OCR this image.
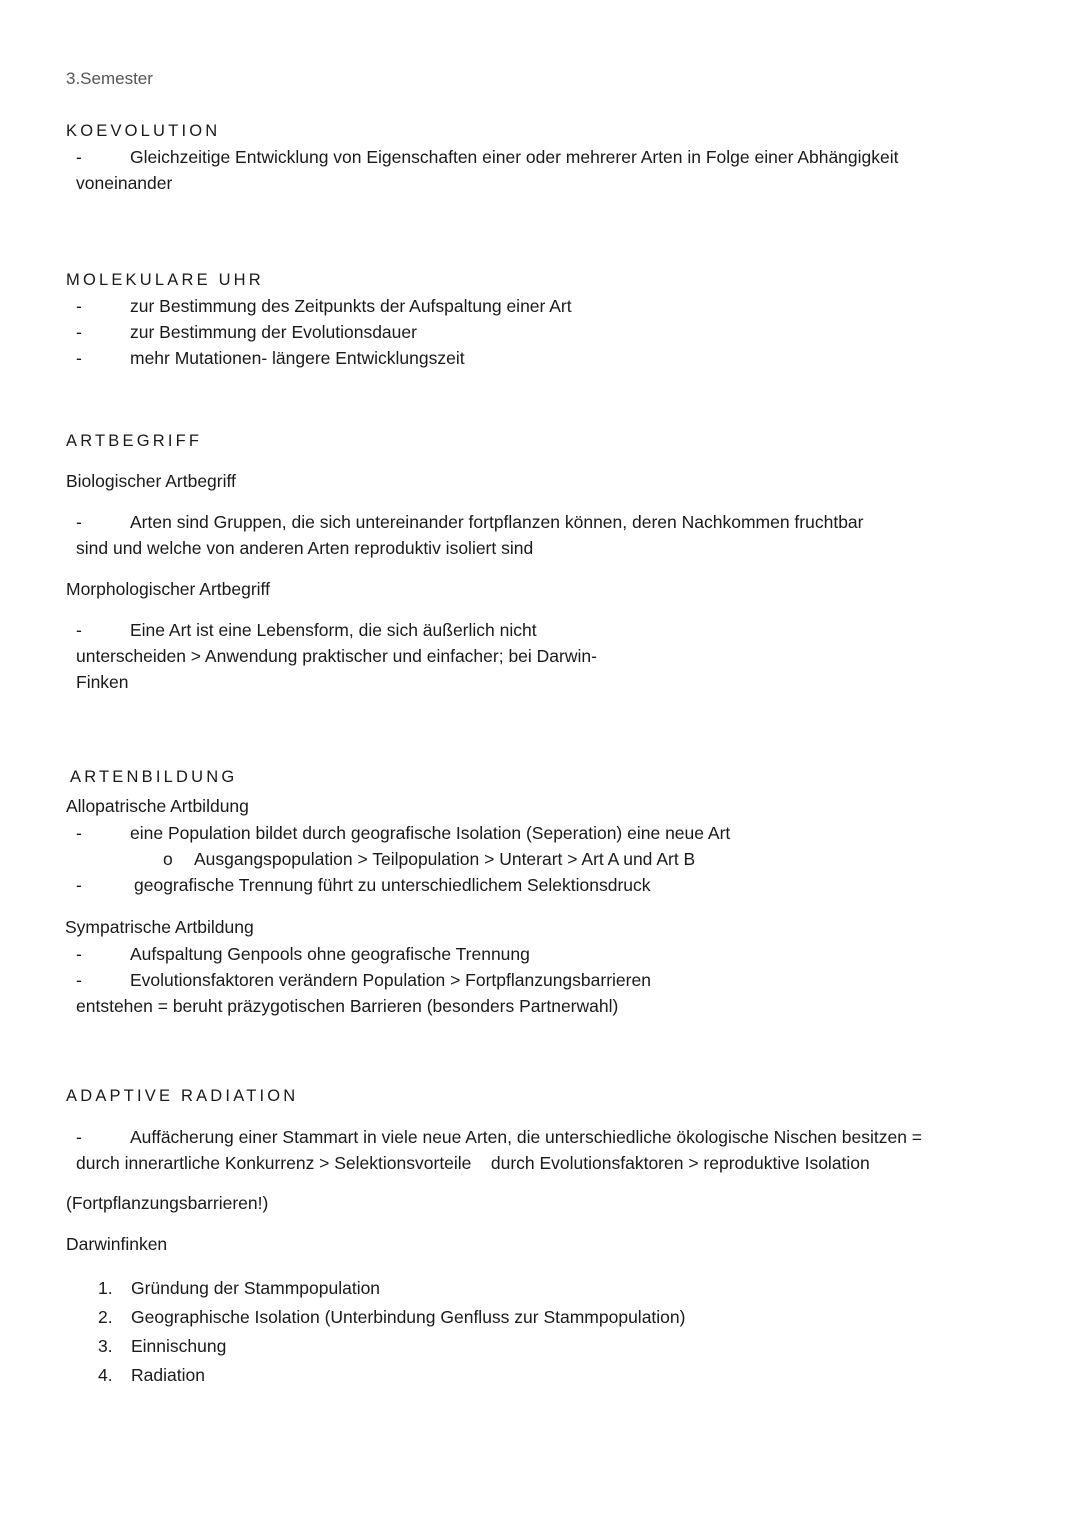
3.Semester
KOEVOLUTION
-	Gleichzeitige Entwicklung von Eigenschaften einer oder mehrerer Arten in Folge einer Abhängigkeit
voneinander
MOLEKULARE UHR
-	zur Bestimmung des Zeitpunkts der Aufspaltung einer Art
-	zur Bestimmung der Evolutionsdauer
-	mehr Mutationen- längere Entwicklungszeit
ARTBEGRIFF
Biologischer Artbegriff
-	Arten sind Gruppen, die sich untereinander fortpflanzen können, deren Nachkommen fruchtbar
sind und welche von anderen Arten reproduktiv isoliert sind
Morphologischer Artbegriff
-	Eine Art ist eine Lebensform, die sich äußerlich nicht
unterscheiden > Anwendung praktischer und einfacher; bei Darwin-
Finken
ARTENBILDUNG
Allopatrische Artbildung
-	eine Population bildet durch geografische Isolation (Seperation) eine neue Art
o Ausgangspopulation > Teilpopulation > Unterart > Art A und Art B
-	geografische Trennung führt zu unterschiedlichem Selektionsdruck
Sympatrische Artbildung
-	Aufspaltung Genpools ohne geografische Trennung
-	Evolutionsfaktoren verändern Population > Fortpflanzungsbarrieren
entstehen = beruht präzygotischen Barrieren (besonders Partnerwahl)
ADAPTIVE RADIATION
-	Auffächerung einer Stammart in viele neue Arten, die unterschiedliche ökologische Nischen besitzen =
durch innerartliche Konkurrenz > Selektionsvorteile    durch Evolutionsfaktoren > reproduktive Isolation
(Fortpflanzungsbarrieren!)
Darwinfinken
1. Gründung der Stammpopulation
2. Geographische Isolation (Unterbindung Genfluss zur Stammpopulation)
3. Einnischung
4. Radiation
